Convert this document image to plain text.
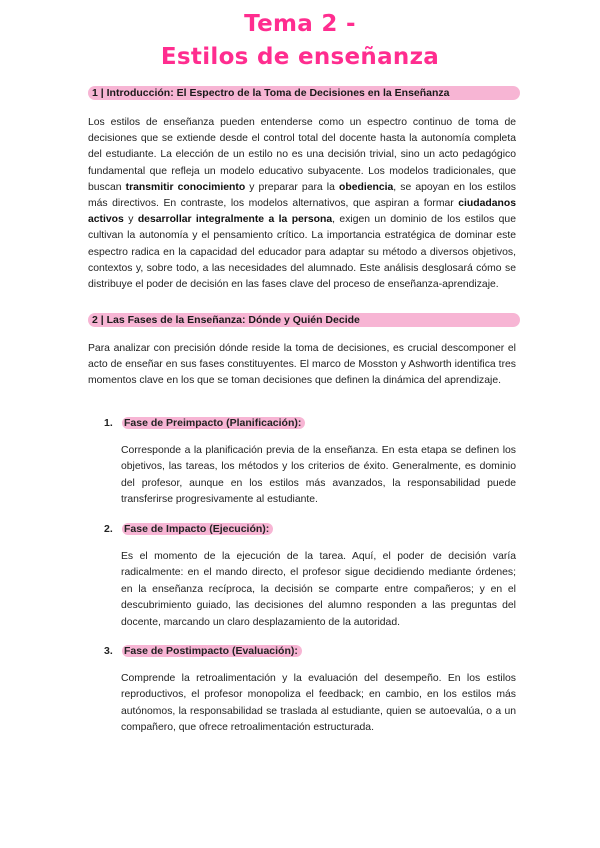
Tema 2 -
Estilos de enseñanza
1 | Introducción: El Espectro de la Toma de Decisiones en la Enseñanza

Los estilos de enseñanza pueden entenderse como un espectro continuo de toma de decisiones que se extiende desde el control total del docente hasta la autonomía completa del estudiante. La elección de un estilo no es una decisión trivial, sino un acto pedagógico fundamental que refleja un modelo educativo subyacente. Los modelos tradicionales, que buscan transmitir conocimiento y preparar para la obediencia, se apoyan en los estilos más directivos. En contraste, los modelos alternativos, que aspiran a formar ciudadanos activos y desarrollar integralmente a la persona, exigen un dominio de los estilos que cultivan la autonomía y el pensamiento crítico. La importancia estratégica de dominar este espectro radica en la capacidad del educador para adaptar su método a diversos objetivos, contextos y, sobre todo, a las necesidades del alumnado. Este análisis desglosará cómo se distribuye el poder de decisión en las fases clave del proceso de enseñanza-aprendizaje.

2 | Las Fases de la Enseñanza: Dónde y Quién Decide

Para analizar con precisión dónde reside la toma de decisiones, es crucial descomponer el acto de enseñar en sus fases constituyentes. El marco de Mosston y Ashworth identifica tres momentos clave en los que se toman decisiones que definen la dinámica del aprendizaje.

1. Fase de Preimpacto (Planificación):

Corresponde a la planificación previa de la enseñanza. En esta etapa se definen los objetivos, las tareas, los métodos y los criterios de éxito. Generalmente, es dominio del profesor, aunque en los estilos más avanzados, la responsabilidad puede transferirse progresivamente al estudiante.

2. Fase de Impacto (Ejecución):

Es el momento de la ejecución de la tarea. Aquí, el poder de decisión varía radicalmente: en el mando directo, el profesor sigue decidiendo mediante órdenes; en la enseñanza recíproca, la decisión se comparte entre compañeros; y en el descubrimiento guiado, las decisiones del alumno responden a las preguntas del docente, marcando un claro desplazamiento de la autoridad.

3. Fase de Postimpacto (Evaluación):

Comprende la retroalimentación y la evaluación del desempeño. En los estilos reproductivos, el profesor monopoliza el feedback; en cambio, en los estilos más autónomos, la responsabilidad se traslada al estudiante, quien se autoevalúa, o a un compañero, que ofrece retroalimentación estructurada.
